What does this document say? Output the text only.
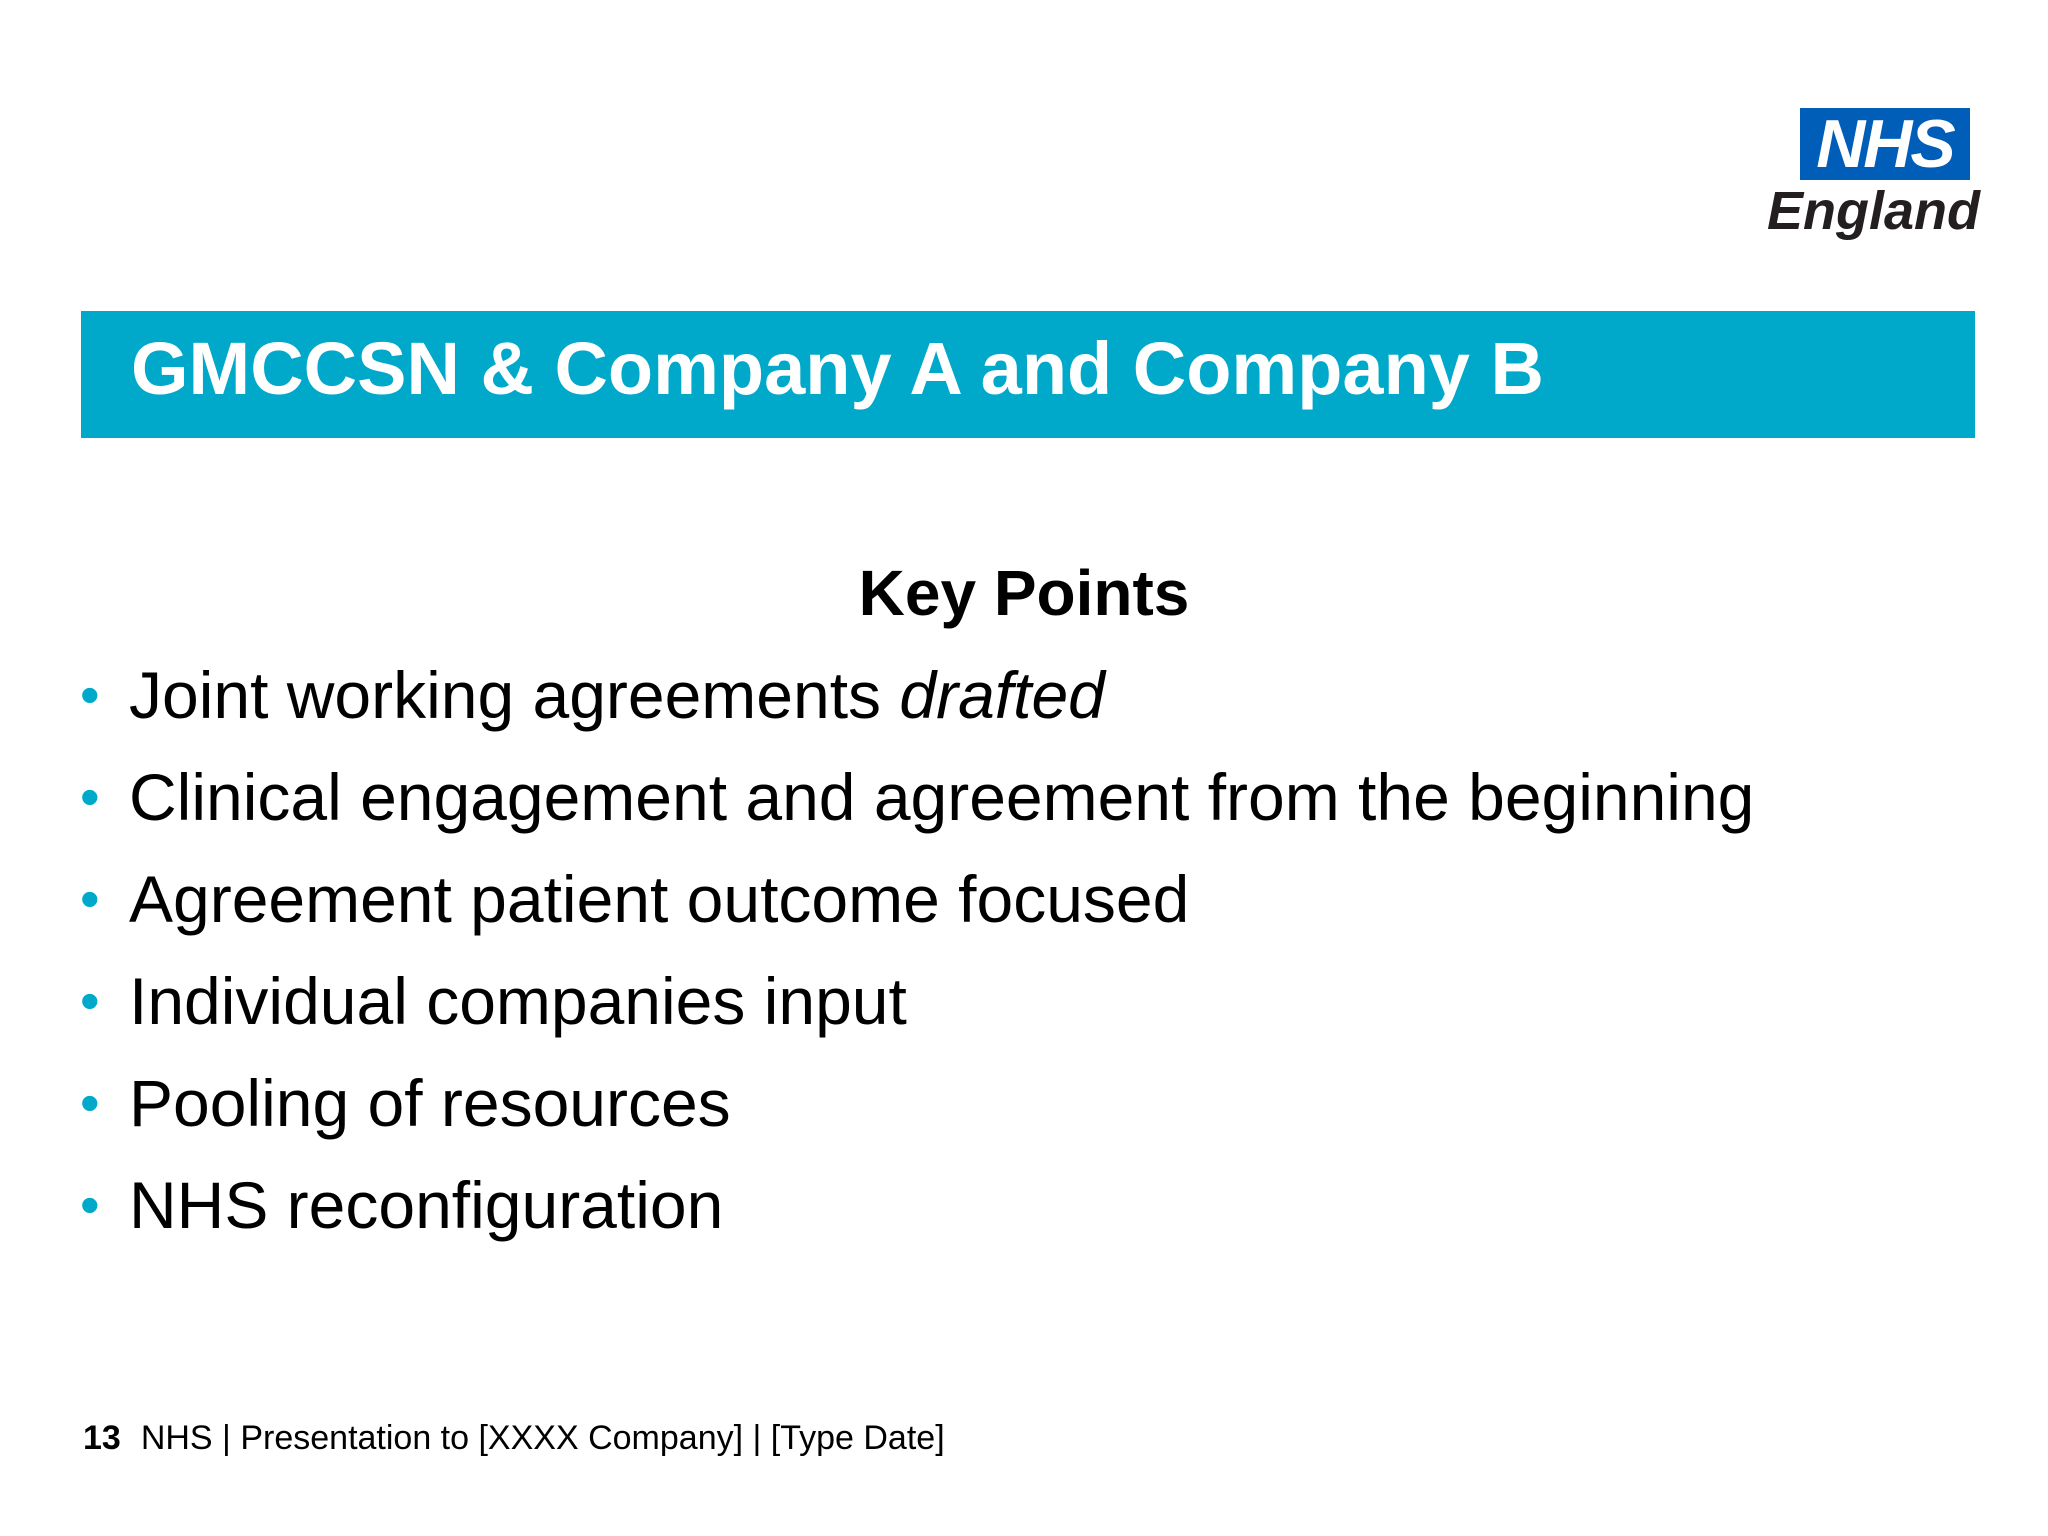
NHS
England
GMCCSN & Company A and Company B
Key Points
• Joint working agreements drafted
• Clinical engagement and agreement from the beginning
• Agreement patient outcome focused
• Individual companies input
• Pooling of resources
• NHS reconfiguration
13 NHS | Presentation to [XXXX Company] | [Type Date]
